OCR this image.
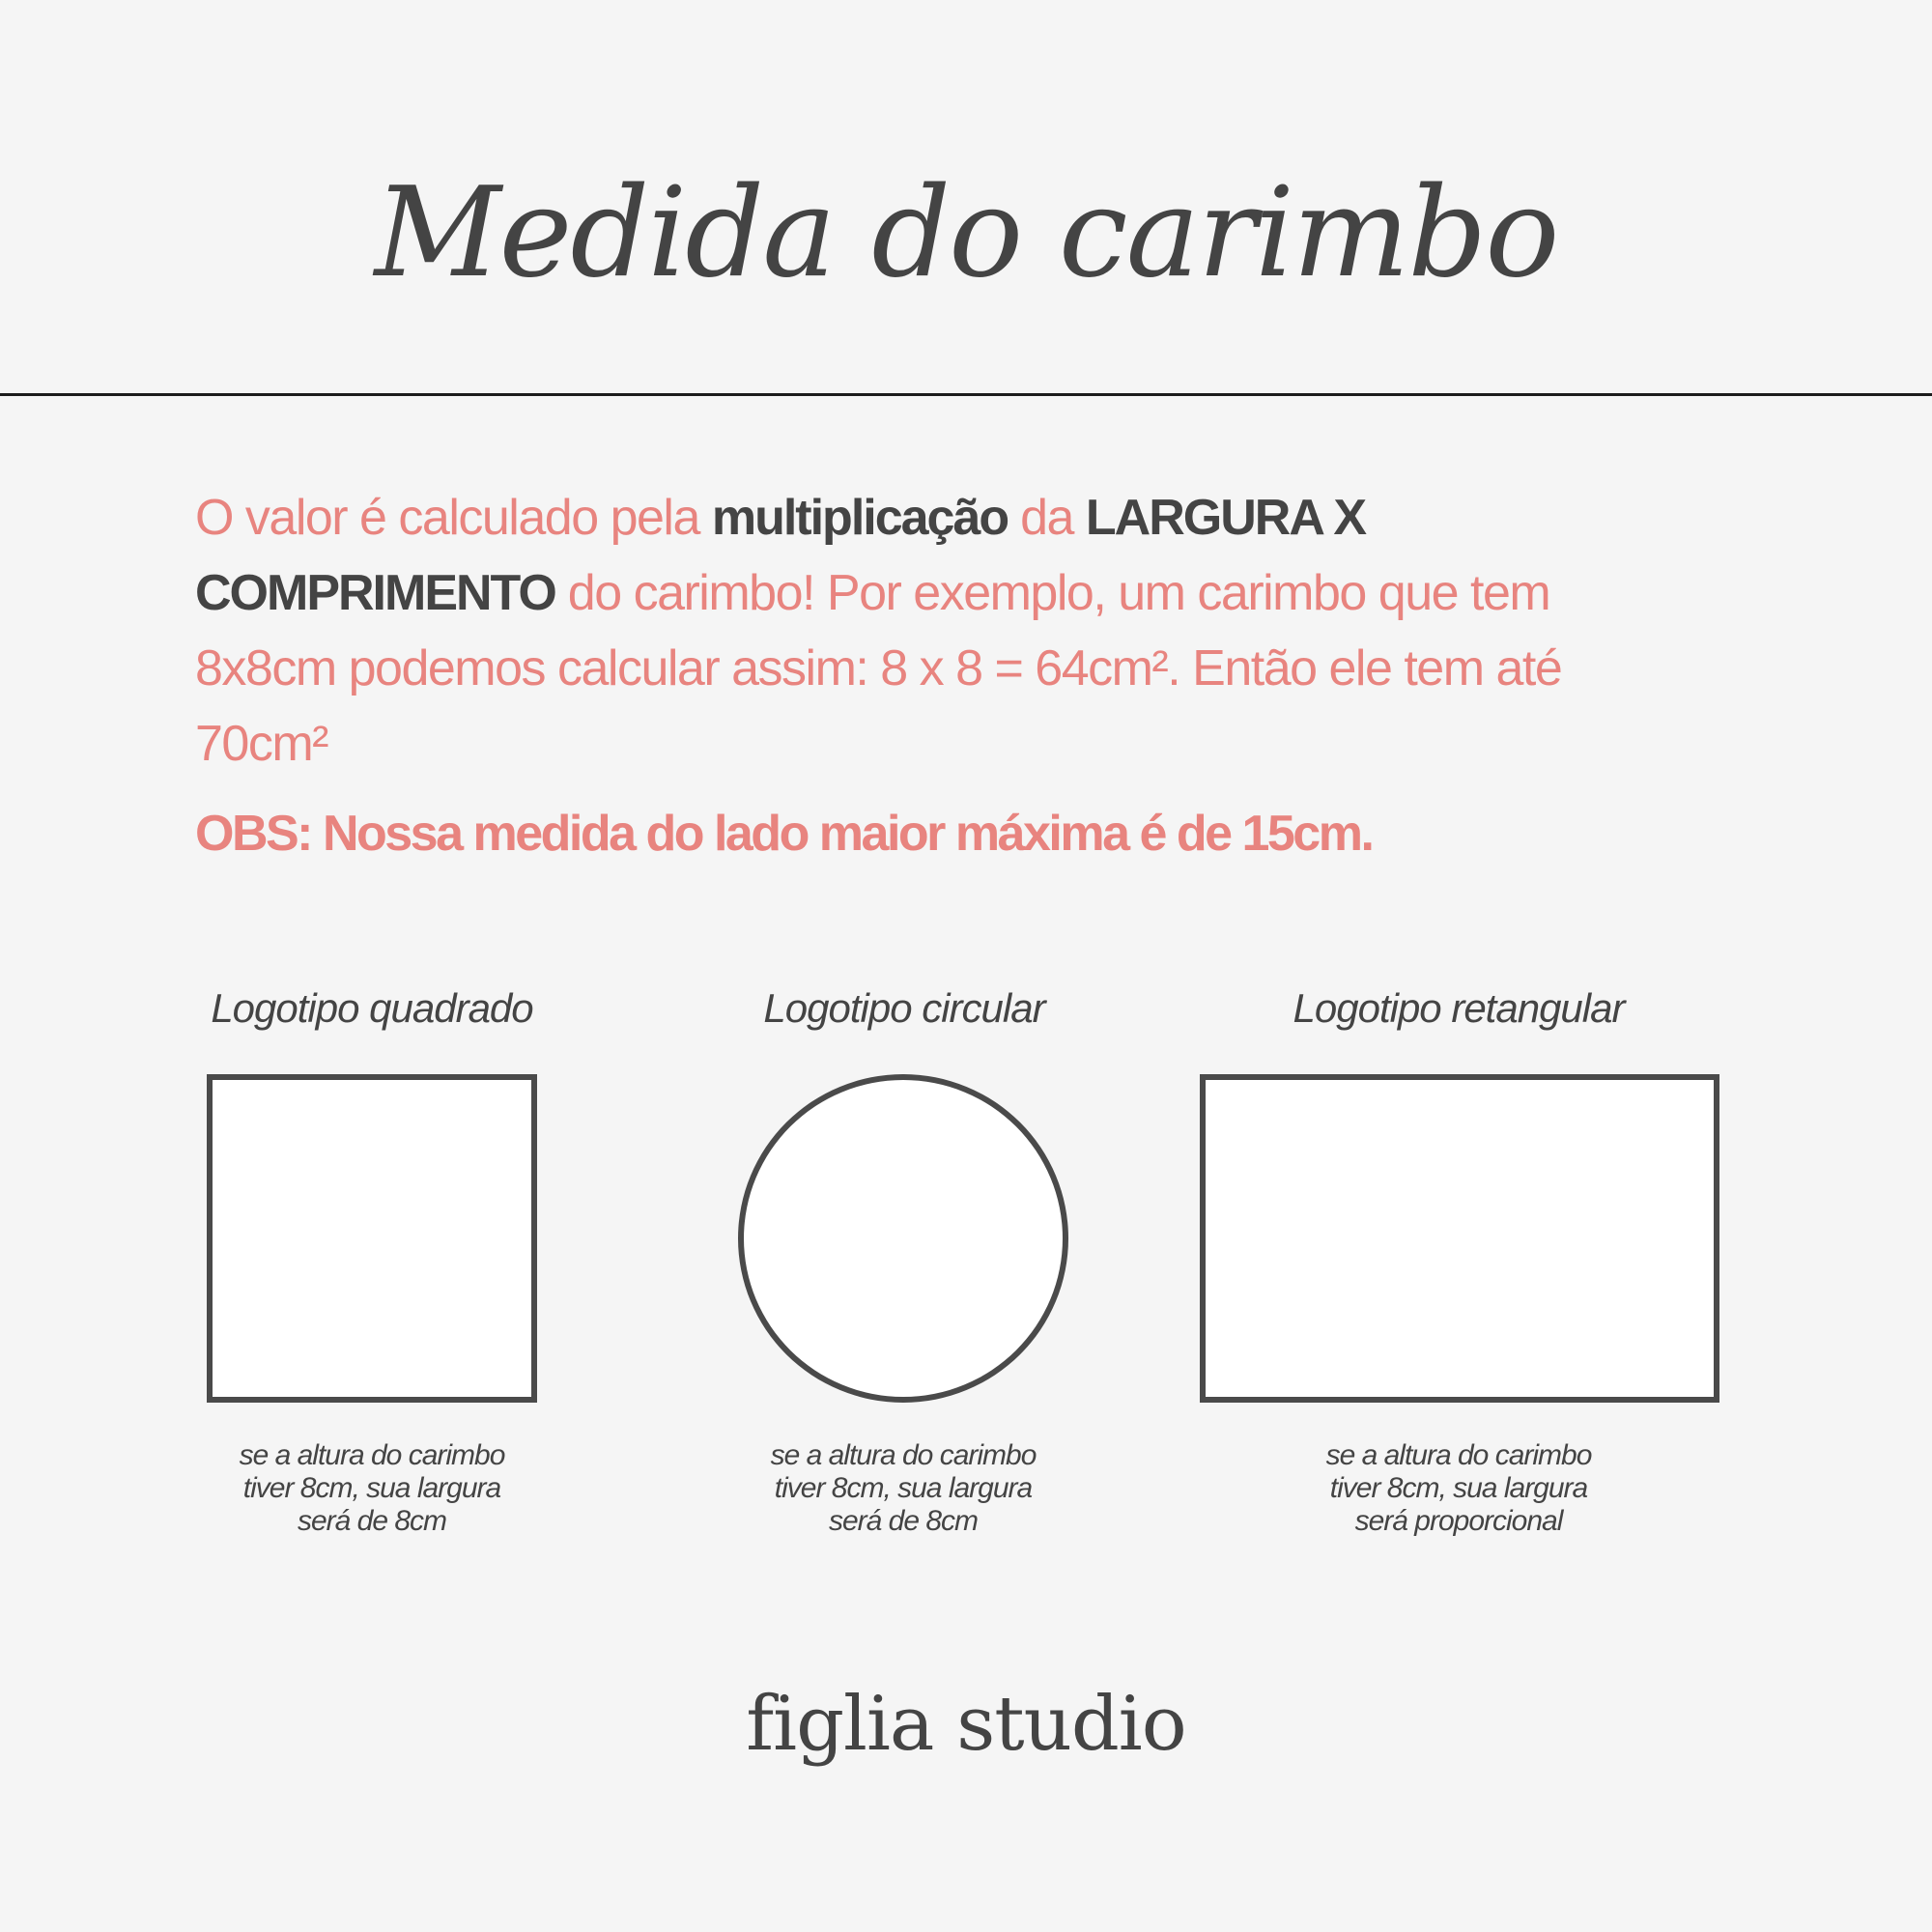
Medida do carimbo
O valor é calculado pela multiplicação da LARGURA X COMPRIMENTO do carimbo! Por exemplo, um carimbo que tem 8x8cm podemos calcular assim: 8 x 8 = 64cm². Então ele tem até 70cm²
OBS: Nossa medida do lado maior máxima é de 15cm.
Logotipo quadrado
se a altura do carimbo
tiver 8cm, sua largura
será de 8cm
Logotipo circular
se a altura do carimbo
tiver 8cm, sua largura
será de 8cm
Logotipo retangular
se a altura do carimbo
tiver 8cm, sua largura
será proporcional
figlia studio
